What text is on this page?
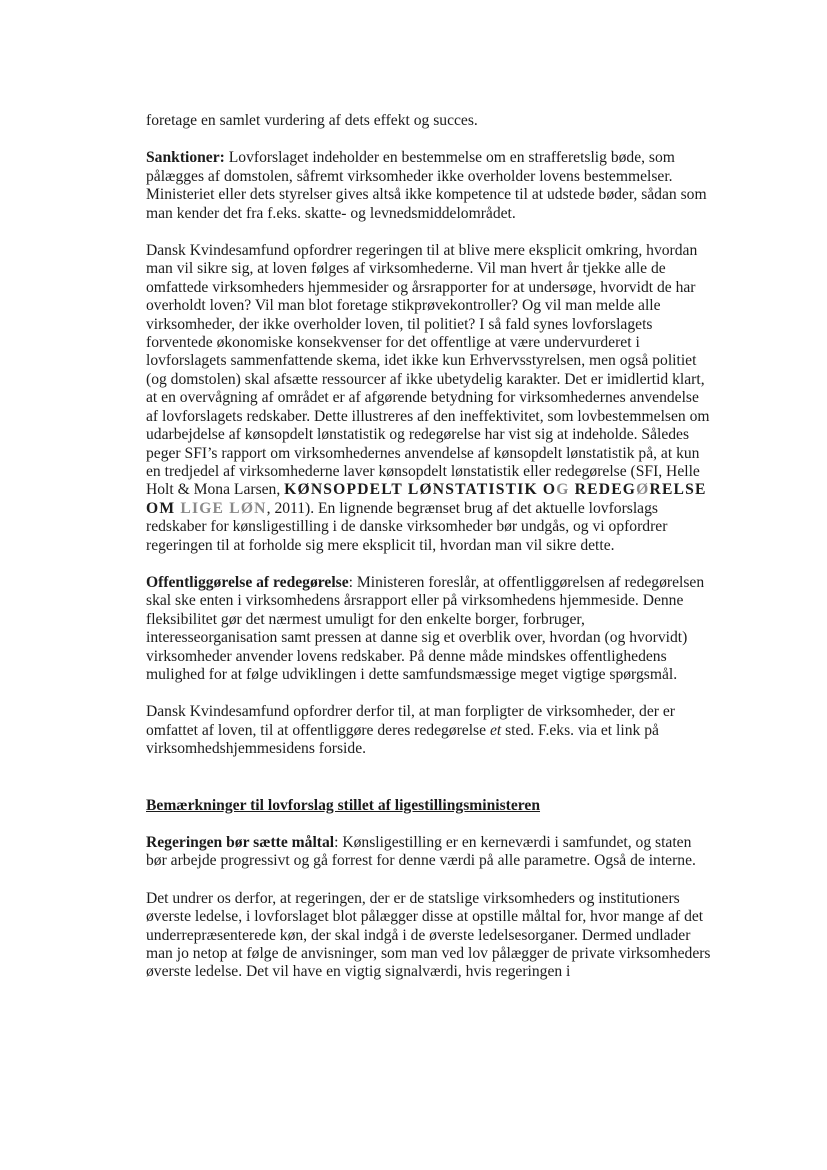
foretage en samlet vurdering af dets effekt og succes.

Sanktioner: Lovforslaget indeholder en bestemmelse om en strafferetslig bøde, som pålægges af domstolen, såfremt virksomheder ikke overholder lovens bestemmelser. Ministeriet eller dets styrelser gives altså ikke kompetence til at udstede bøder, sådan som man kender det fra f.eks. skatte- og levnedsmiddelområdet.

Dansk Kvindesamfund opfordrer regeringen til at blive mere eksplicit omkring, hvordan man vil sikre sig, at loven følges af virksomhederne. Vil man hvert år tjekke alle de omfattede virksomheders hjemmesider og årsrapporter for at undersøge, hvorvidt de har overholdt loven? Vil man blot foretage stikprøvekontroller? Og vil man melde alle virksomheder, der ikke overholder loven, til politiet? I så fald synes lovforslagets forventede økonomiske konsekvenser for det offentlige at være undervurderet i lovforslagets sammenfattende skema, idet ikke kun Erhvervsstyrelsen, men også politiet (og domstolen) skal afsætte ressourcer af ikke ubetydelig karakter. Det er imidlertid klart, at en overvågning af området er af afgørende betydning for virksomhedernes anvendelse af lovforslagets redskaber. Dette illustreres af den ineffektivitet, som lovbestemmelsen om udarbejdelse af kønsopdelt lønstatistik og redegørelse har vist sig at indeholde. Således peger SFI’s rapport om virksomhedernes anvendelse af kønsopdelt lønstatistik på, at kun en tredjedel af virksomhederne laver kønsopdelt lønstatistik eller redegørelse (SFI, Helle Holt & Mona Larsen, KØNSOPDELT LØNSTATISTIK OG REDEGØRELSE OM LIGE LØN, 2011). En lignende begrænset brug af det aktuelle lovforslags redskaber for kønsligestilling i de danske virksomheder bør undgås, og vi opfordrer regeringen til at forholde sig mere eksplicit til, hvordan man vil sikre dette.

Offentliggørelse af redegørelse: Ministeren foreslår, at offentliggørelsen af redegørelsen skal ske enten i virksomhedens årsrapport eller på virksomhedens hjemmeside. Denne fleksibilitet gør det nærmest umuligt for den enkelte borger, forbruger, interesseorganisation samt pressen at danne sig et overblik over, hvordan (og hvorvidt) virksomheder anvender lovens redskaber. På denne måde mindskes offentlighedens mulighed for at følge udviklingen i dette samfundsmæssige meget vigtige spørgsmål.

Dansk Kvindesamfund opfordrer derfor til, at man forpligter de virksomheder, der er omfattet af loven, til at offentliggøre deres redegørelse et sted. F.eks. via et link på virksomhedshjemmesidens forside.

Bemærkninger til lovforslag stillet af ligestillingsministeren

Regeringen bør sætte måltal: Kønsligestilling er en kerneværdi i samfundet, og staten bør arbejde progressivt og gå forrest for denne værdi på alle parametre. Også de interne.

Det undrer os derfor, at regeringen, der er de statslige virksomheders og institutioners øverste ledelse, i lovforslaget blot pålægger disse at opstille måltal for, hvor mange af det underrepræsenterede køn, der skal indgå i de øverste ledelsesorganer. Dermed undlader man jo netop at følge de anvisninger, som man ved lov pålægger de private virksomheders øverste ledelse. Det vil have en vigtig signalværdi, hvis regeringen i
